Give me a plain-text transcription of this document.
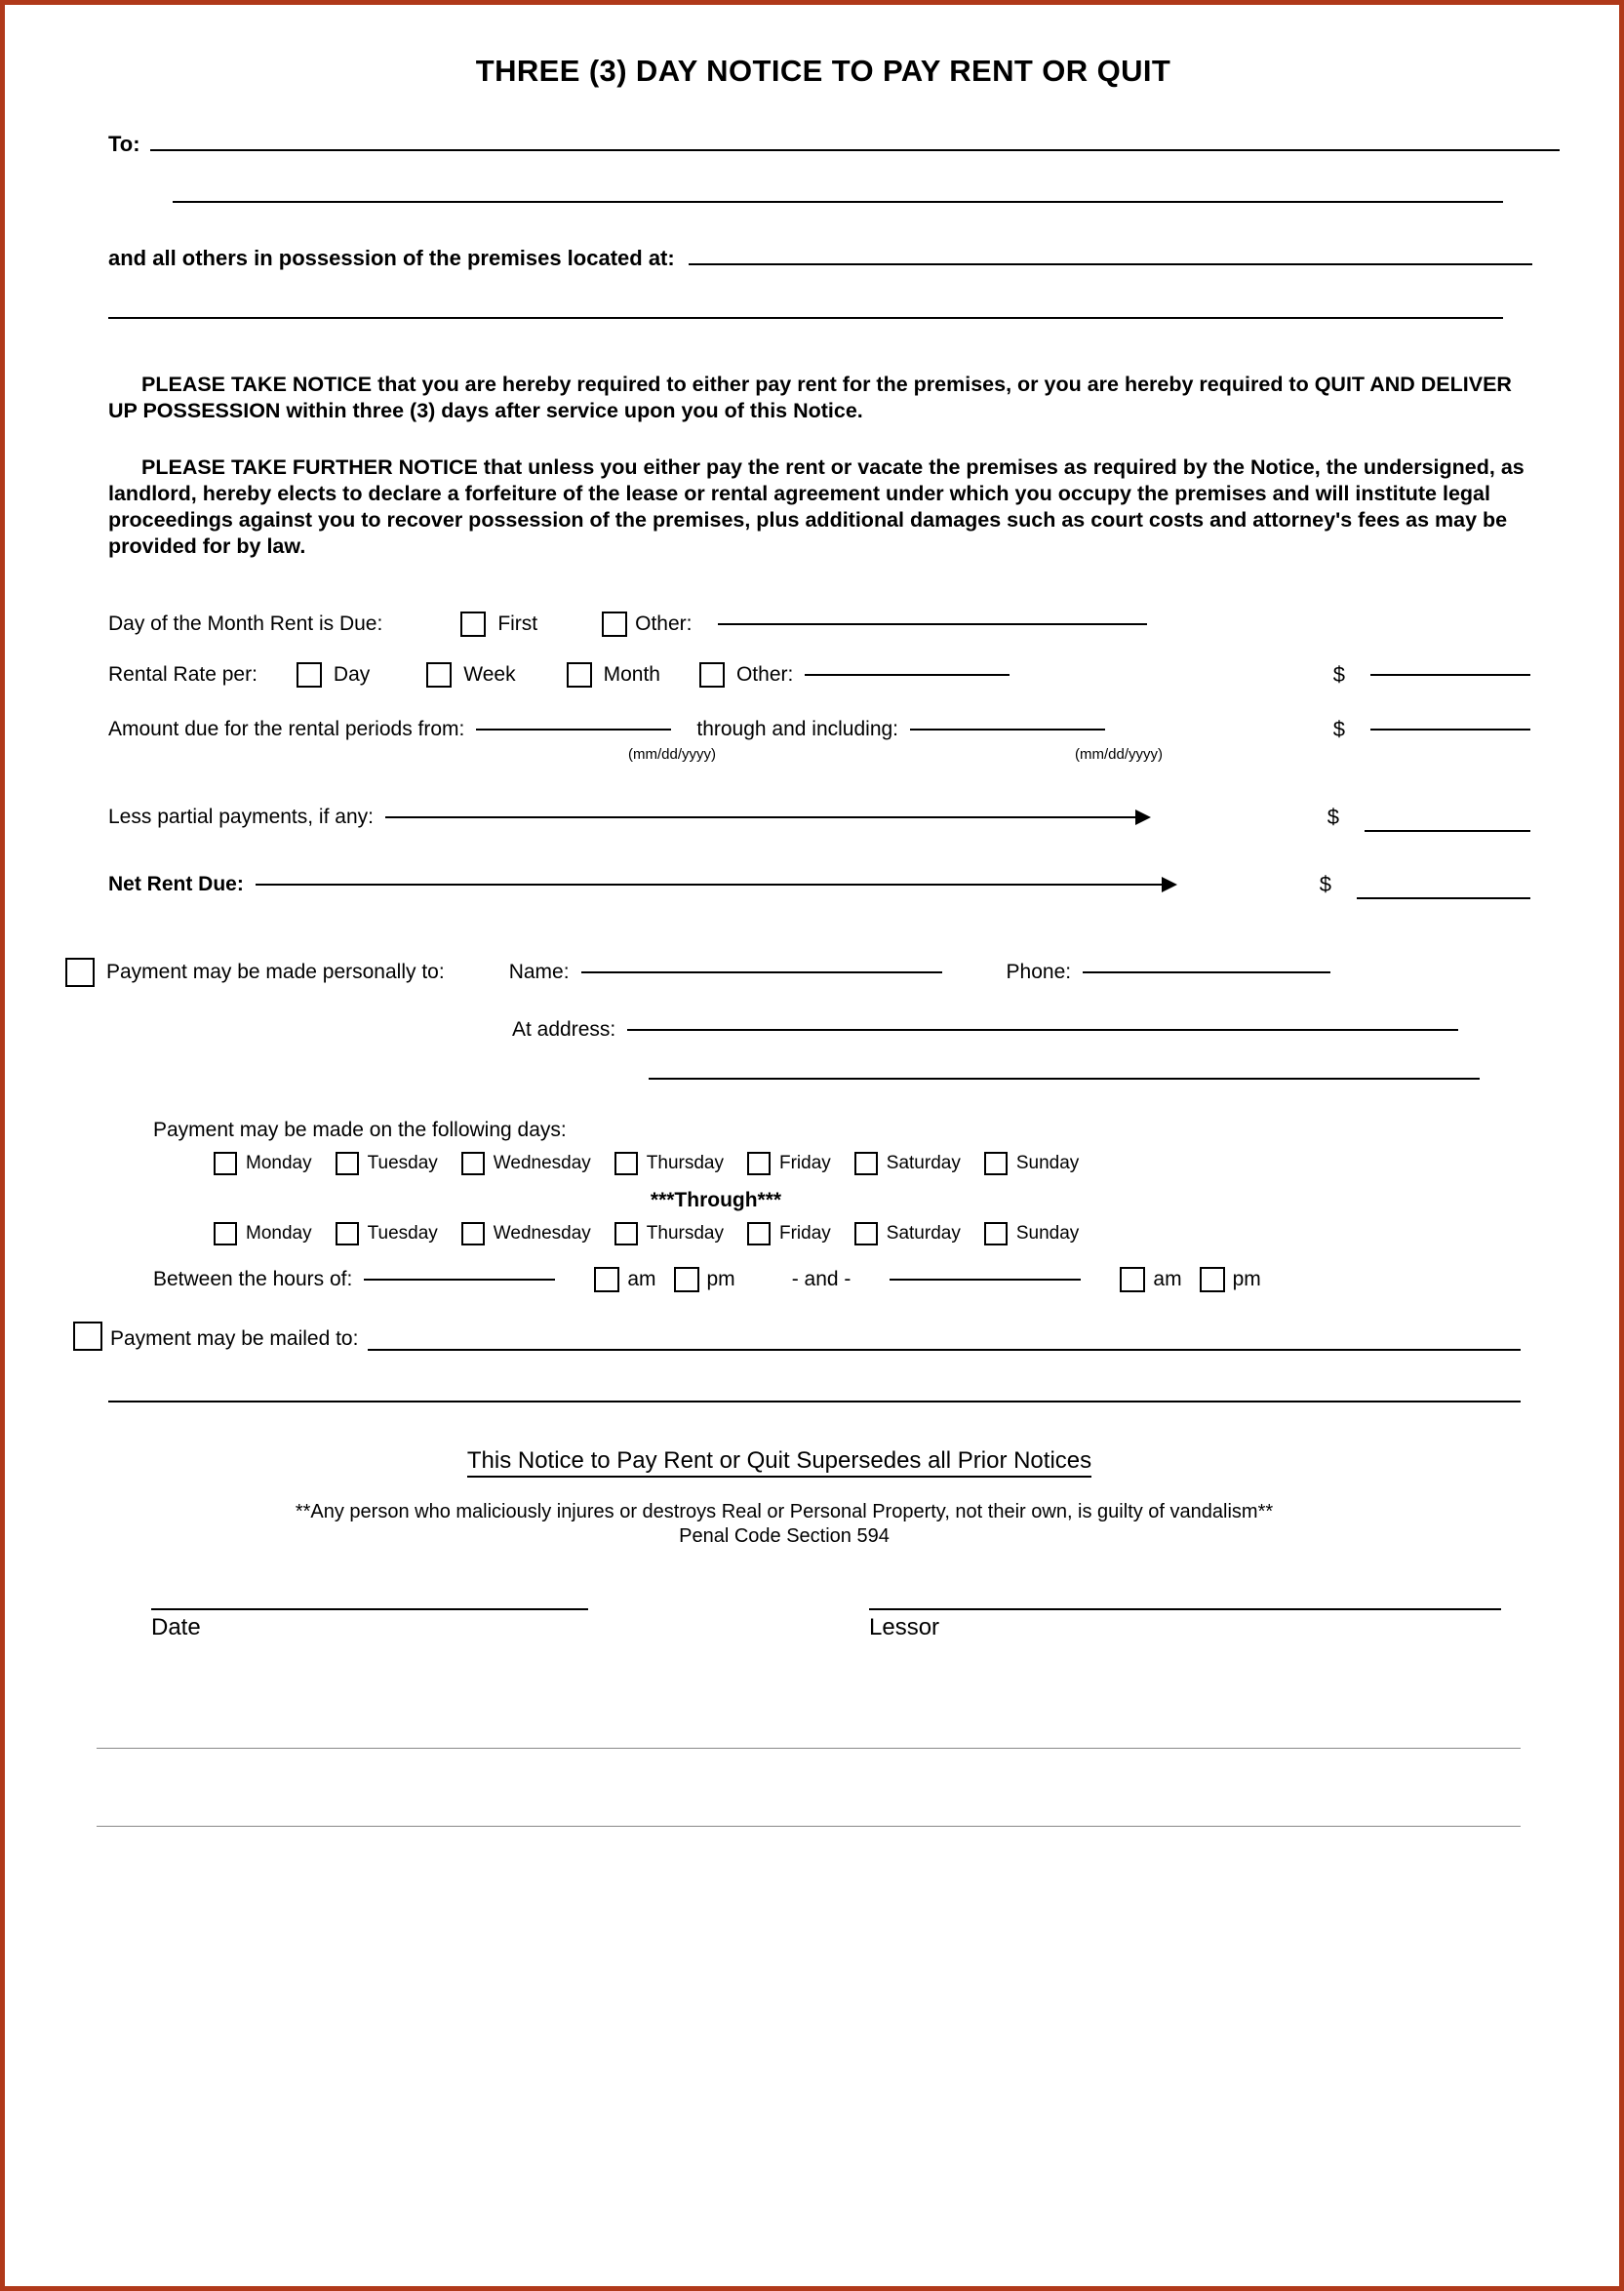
THREE (3) DAY NOTICE TO PAY RENT OR QUIT
To:
and all others in possession of the premises located at:

PLEASE TAKE NOTICE that you are hereby required to either pay rent for the premises, or you are hereby required to QUIT AND DELIVER UP POSSESSION within three (3) days after service upon you of this Notice.

PLEASE TAKE FURTHER NOTICE that unless you either pay the rent or vacate the premises as required by the Notice, the undersigned, as landlord, hereby elects to declare a forfeiture of the lease or rental agreement under which you occupy the premises and will institute legal proceedings against you to recover possession of the premises, plus additional damages such as court costs and attorney's fees as may be provided for by law.

Day of the Month Rent is Due:	First	Other:
Rental Rate per:	Day	Week	Month	Other:	$
Amount due for the rental periods from:	through and including:	$
(mm/dd/yyyy)	(mm/dd/yyyy)
Less partial payments, if any:	$
Net Rent Due:	$
Payment may be made personally to:	Name:	Phone:
At address:
Payment may be made on the following days:
Monday	Tuesday	Wednesday	Thursday	Friday	Saturday	Sunday
***Through***
Monday	Tuesday	Wednesday	Thursday	Friday	Saturday	Sunday
Between the hours of:	am pm	- and -	am pm
Payment may be mailed to:
This Notice to Pay Rent or Quit Supersedes all Prior Notices
**Any person who maliciously injures or destroys Real or Personal Property, not their own, is guilty of vandalism**
Penal Code Section 594
Date	Lessor
